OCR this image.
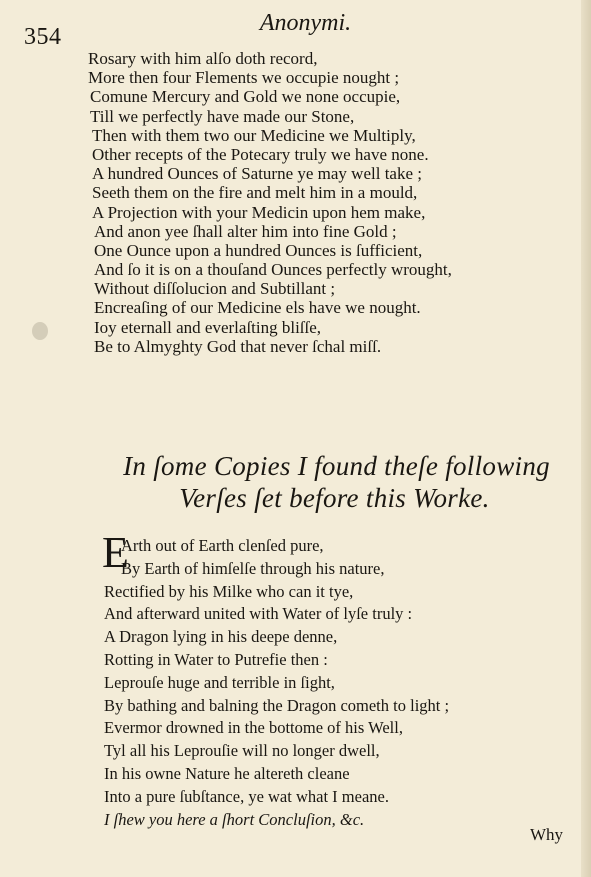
354
Anonymi.
Rosary with him alſo doth record,
More then four Flements we occupie nought ;
Comune Mercury and Gold we none occupie,
Till we perfectly have made our Stone,
Then with them two our Medicine we Multiply,
Other recepts of the Potecary truly we have none.
A hundred Ounces of Saturne ye may well take ;
Seeth them on the fire and melt him in a mould,
A Projection with your Medicin upon hem make,
And anon yee ſhall alter him into fine Gold ;
One Ounce upon a hundred Ounces is ſufficient,
And ſo it is on a thouſand Ounces perfectly wrought,
Without diſſolucion and Subtillant ;
Encreaſing of our Medicine els have we nought.
Ioy eternall and everlaſting bliſſe,
Be to Almyghty God that never ſchal miſſ.
In ſome Copies I found theſe following
Verſes ſet before this Worke.
E
Arth out of Earth clenſed pure,
By Earth of himſelſe through his nature,
Rectified by his Milke who can it tye,
And afterward united with Water of lyſe truly :
A Dragon lying in his deepe denne,
Rotting in Water to Putrefie then :
Leprouſe huge and terrible in ſight,
By bathing and balning the Dragon cometh to light ;
Evermor drowned in the bottome of his Well,
Tyl all his Leprouſie will no longer dwell,
In his owne Nature he altereth cleane
Into a pure ſubſtance, ye wat what I meane.
I ſhew you here a ſhort Concluſion, &c.
Why
